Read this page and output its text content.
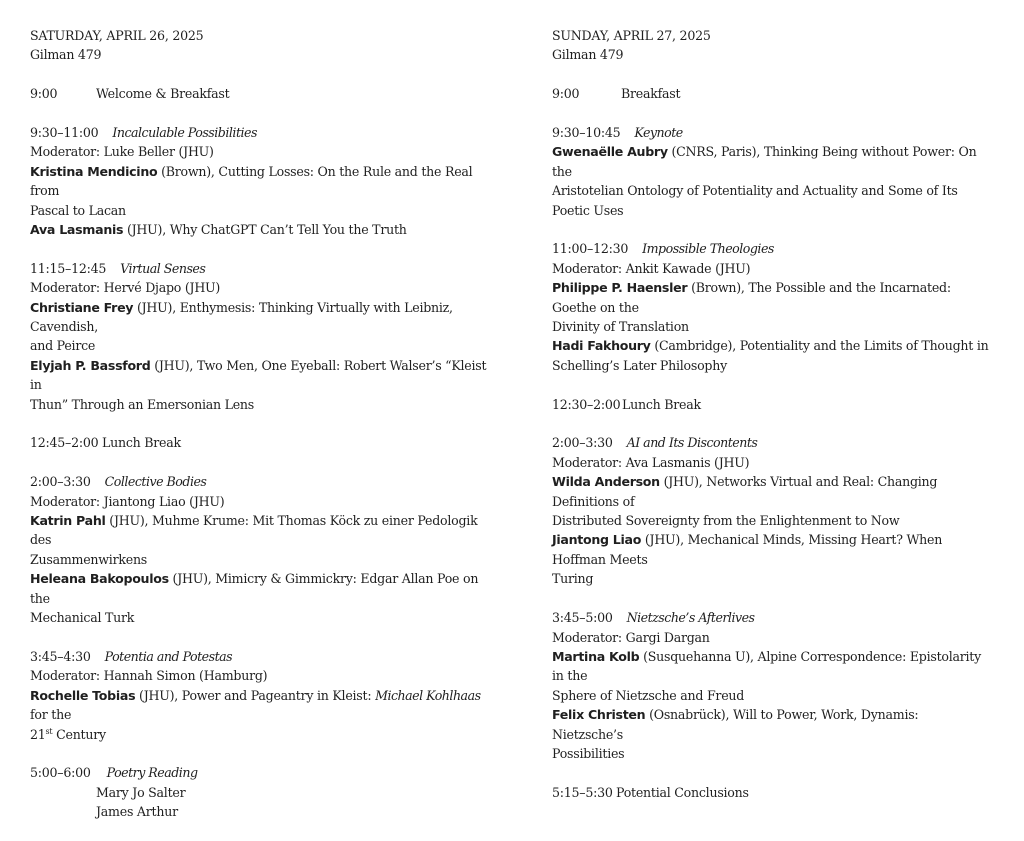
SATURDAY, APRIL 26, 2025
Gilman 479
9:00	Welcome & Breakfast
9:30–11:00 Incalculable Possibilities
Moderator: Luke Beller (JHU)
Kristina Mendicino (Brown), Cutting Losses: On the Rule and the Real from
Pascal to Lacan
Ava Lasmanis (JHU), Why ChatGPT Can’t Tell You the Truth
11:15–12:45 Virtual Senses
Moderator: Hervé Djapo (JHU)
Christiane Frey (JHU), Enthymesis: Thinking Virtually with Leibniz, Cavendish,
and Peirce
Elyjah P. Bassford (JHU), Two Men, One Eyeball: Robert Walser’s “Kleist in
Thun” Through an Emersonian Lens
12:45–2:00 Lunch Break
2:00–3:30 Collective Bodies
Moderator: Jiantong Liao (JHU)
Katrin Pahl (JHU), Muhme Krume: Mit Thomas Köck zu einer Pedologik des
Zusammenwirkens
Heleana Bakopoulos (JHU), Mimicry & Gimmickry: Edgar Allan Poe on the
Mechanical Turk
3:45–4:30 Potentia and Potestas
Moderator: Hannah Simon (Hamburg)
Rochelle Tobias (JHU), Power and Pageantry in Kleist: Michael Kohlhaas for the
21st Century
5:00–6:00 Poetry Reading
Mary Jo Salter
James Arthur
SUNDAY, APRIL 27, 2025
Gilman 479
9:00	Breakfast
9:30–10:45 Keynote
Gwenaëlle Aubry (CNRS, Paris), Thinking Being without Power: On the
Aristotelian Ontology of Potentiality and Actuality and Some of Its Poetic Uses
11:00–12:30 Impossible Theologies
Moderator: Ankit Kawade (JHU)
Philippe P. Haensler (Brown), The Possible and the Incarnated: Goethe on the
Divinity of Translation
Hadi Fakhoury (Cambridge), Potentiality and the Limits of Thought in
Schelling’s Later Philosophy
12:30–2:00 Lunch Break
2:00–3:30 AI and Its Discontents
Moderator: Ava Lasmanis (JHU)
Wilda Anderson (JHU), Networks Virtual and Real: Changing Definitions of
Distributed Sovereignty from the Enlightenment to Now
Jiantong Liao (JHU), Mechanical Minds, Missing Heart? When Hoffman Meets
Turing
3:45–5:00 Nietzsche’s Afterlives
Moderator: Gargi Dargan
Martina Kolb (Susquehanna U), Alpine Correspondence: Epistolarity in the
Sphere of Nietzsche and Freud
Felix Christen (Osnabrück), Will to Power, Work, Dynamis: Nietzsche’s
Possibilities
5:15–5:30 Potential Conclusions
